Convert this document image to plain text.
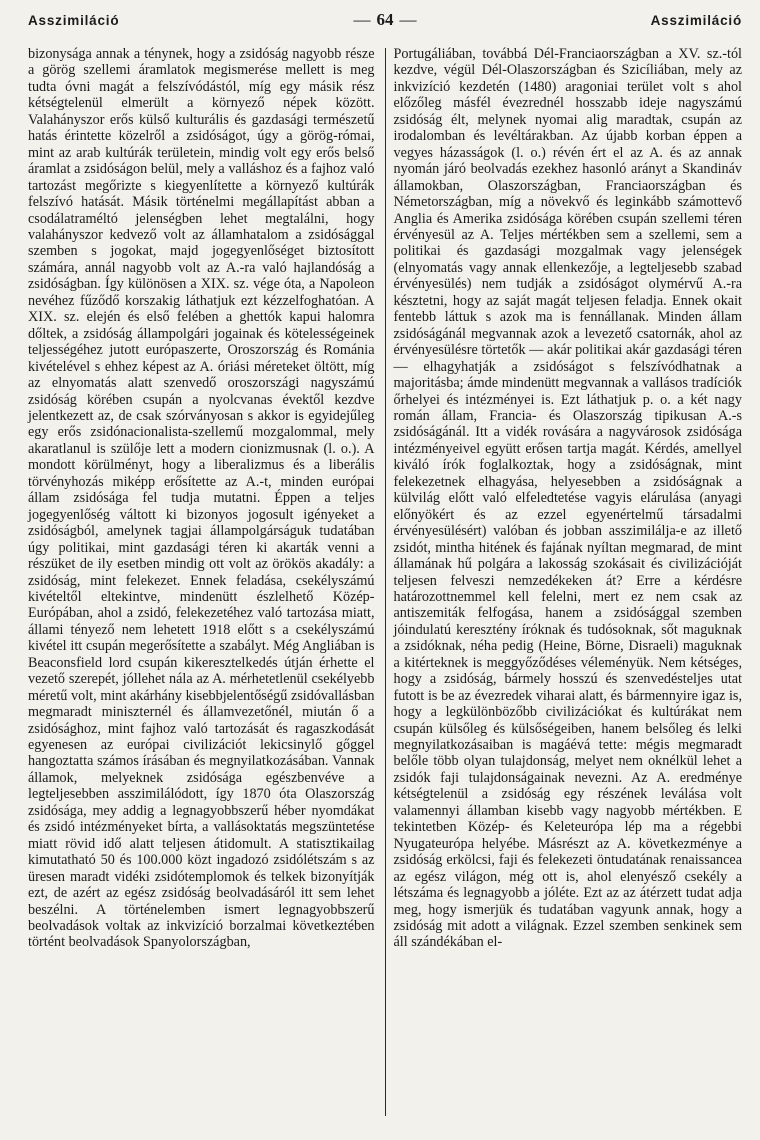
Asszimiláció	— 64 —	Asszimiláció

bizonysága annak a ténynek, hogy a zsidóság nagyobb része a görög szellemi áramlatok megismerése mellett is meg tudta óvni magát a felszívódástól, míg egy másik rész kétségtelenül elmerült a környező népek között. Valahányszor erős külső kulturális és gazdasági természetű hatás érintette közelről a zsidóságot, úgy a görög-római, mint az arab kultúrák területein, mindig volt egy erős belső áramlat a zsidóságon belül, mely a valláshoz és a fajhoz való tartozást megőrizte s kiegyenlítette a környező kultúrák felszívó hatását. Másik történelmi megállapítást abban a csodálatraméltó jelenségben lehet megtalálni, hogy valahányszor kedvező volt az államhatalom a zsidósággal szemben s jogokat, majd jogegyenlőséget biztosított számára, annál nagyobb volt az A.-ra való hajlandóság a zsidóságban. Így különösen a XIX. sz. vége óta, a Napoleon nevéhez fűződő korszakig láthatjuk ezt kézzelfoghatóan. A XIX. sz. elején és első felében a ghettók kapui halomra dőltek, a zsidóság állampolgári jogainak és kötelességeinek teljességéhez jutott európaszerte, Oroszország és Románia kivételével s ehhez képest az A. óriási méreteket öltött, míg az elnyomatás alatt szenvedő oroszországi nagyszámú zsidóság körében csupán a nyolcvanas évektől kezdve jelentkezett az, de csak szórványosan s akkor is egyidejűleg egy erős zsidónacionalista-szellemű mozgalommal, mely akaratlanul is szülője lett a modern cionizmusnak (l. o.). A mondott körülményt, hogy a liberalizmus és a liberális törvényhozás miképp erősítette az A.-t, minden európai állam zsidósága fel tudja mutatni. Éppen a teljes jogegyenlőség váltott ki bizonyos jogosult igényeket a zsidóságból, amelynek tagjai állampolgárságuk tudatában úgy politikai, mint gazdasági téren ki akarták venni a részüket de ily esetben mindig ott volt az örökös akadály: a zsidóság, mint felekezet. Ennek feladása, csekélyszámú kivételtől eltekintve, mindenütt észlelhető Közép-Európában, ahol a zsidó, felekezetéhez való tartozása miatt, állami tényező nem lehetett 1918 előtt s a csekélyszámú kivétel itt csupán megerősítette a szabályt. Még Angliában is Beaconsfield lord csupán kikeresztelkedés útján érhette el vezető szerepét, jóllehet nála az A. mérhetetlenül csekélyebb méretű volt, mint akárhány kisebbjelentőségű zsidóvallásban megmaradt miniszternél és államvezetőnél, miután ő a zsidósághoz, mint fajhoz való tartozását és ragaszkodását egyenesen az európai civilizációt lekicsinylő gőggel hangoztatta számos írásában és megnyilatkozásában. Vannak államok, melyeknek zsidósága egészbenvéve a legteljesebben asszimilálódott, így 1870 óta Olaszország zsidósága, mey addig a legnagyobbszerű héber nyomdákat és zsidó intézményeket bírta, a vallásoktatás megszüntetése miatt rövid idő alatt teljesen átidomult. A statisztikailag kimutatható 50 és 100.000 közt ingadozó zsidólétszám s az üresen maradt vidéki zsidótemplomok és telkek bizonyítják ezt, de azért az egész zsidóság beolvadásáról itt sem lehet beszélni. A történelemben ismert legnagyobbszerű beolvadások voltak az inkvizíció borzalmai következtében történt beolvadások Spanyolországban,

Portugáliában, továbbá Dél-Franciaországban a XV. sz.-tól kezdve, végül Dél-Olaszországban és Szicíliában, mely az inkvizíció kezdetén (1480) aragoniai terület volt s ahol előzőleg másfél évezrednél hosszabb ideje nagyszámú zsidóság élt, melynek nyomai alig maradtak, csupán az irodalomban és levéltárakban. Az újabb korban éppen a vegyes házasságok (l. o.) révén ért el az A. és az annak nyomán járó beolvadás ezekhez hasonló arányt a Skandináv államokban, Olaszországban, Franciaországban és Németországban, míg a növekvő és leginkább számottevő Anglia és Amerika zsidósága körében csupán szellemi téren érvényesül az A. Teljes mértékben sem a szellemi, sem a politikai és gazdasági mozgalmak vagy jelenségek (elnyomatás vagy annak ellenkezője, a legteljesebb szabad érvényesülés) nem tudják a zsidóságot olymérvű A.-ra késztetni, hogy az saját magát teljesen feladja. Ennek okait fentebb láttuk s azok ma is fennállanak. Minden állam zsidóságánál megvannak azok a levezető csatornák, ahol az érvényesülésre törtetők — akár politikai akár gazdasági téren — elhagyhatják a zsidóságot s felszívódhatnak a majoritásba; ámde mindenütt megvannak a vallásos tradíciók őrhelyei és intézményei is. Ezt láthatjuk p. o. a két nagy román állam, Francia- és Olaszország tipikusan A.-s zsidóságánál. Itt a vidék rovására a nagyvárosok zsidósága intézményeivel együtt erősen tartja magát. Kérdés, amellyel kiváló írók foglalkoztak, hogy a zsidóságnak, mint felekezetnek elhagyása, helyesebben a zsidóságnak a külvilág előtt való elfeledtetése vagyis elárulása (anyagi előnyökért és az ezzel egyenértelmű társadalmi érvényesülésért) valóban és jobban asszimilálja-e az illető zsidót, mintha hitének és fajának nyíltan megmarad, de mint államának hű polgára a lakosság szokásait és civilizációját teljesen felveszi nemzedékeken át? Erre a kérdésre határozottnemmel kell felelni, mert ez nem csak az antiszemiták felfogása, hanem a zsidósággal szemben jóindulatú keresztény íróknak és tudósoknak, sőt maguknak a zsidóknak, néha pedig (Heine, Börne, Disraeli) maguknak a kitérteknek is meggyőződéses véleményük. Nem kétséges, hogy a zsidóság, bármely hosszú és szenvedésteljes utat futott is be az évezredek viharai alatt, és bármennyire igaz is, hogy a legkülönbözőbb civilizációkat és kultúrákat nem csupán külsőleg és külsőségeiben, hanem belsőleg és lelki megnyilatkozásaiban is magáévá tette: mégis megmaradt belőle több olyan tulajdonság, melyet nem oknélkül lehet a zsidók faji tulajdonságainak nevezni. Az A. eredménye kétségtelenül a zsidóság egy részének leválása volt valamennyi államban kisebb vagy nagyobb mértékben. E tekintetben Közép- és Keleteurópa lép ma a régebbi Nyugateurópa helyébe. Másrészt az A. következménye a zsidóság erkölcsi, faji és felekezeti öntudatának renaissancea az egész világon, még ott is, ahol elenyésző csekély a létszáma és legnagyobb a jóléte. Ezt az az átérzett tudat adja meg, hogy ismerjük és tudatában vagyunk annak, hogy a zsidóság mit adott a világnak. Ezzel szemben senkinek sem áll szándékában el-
